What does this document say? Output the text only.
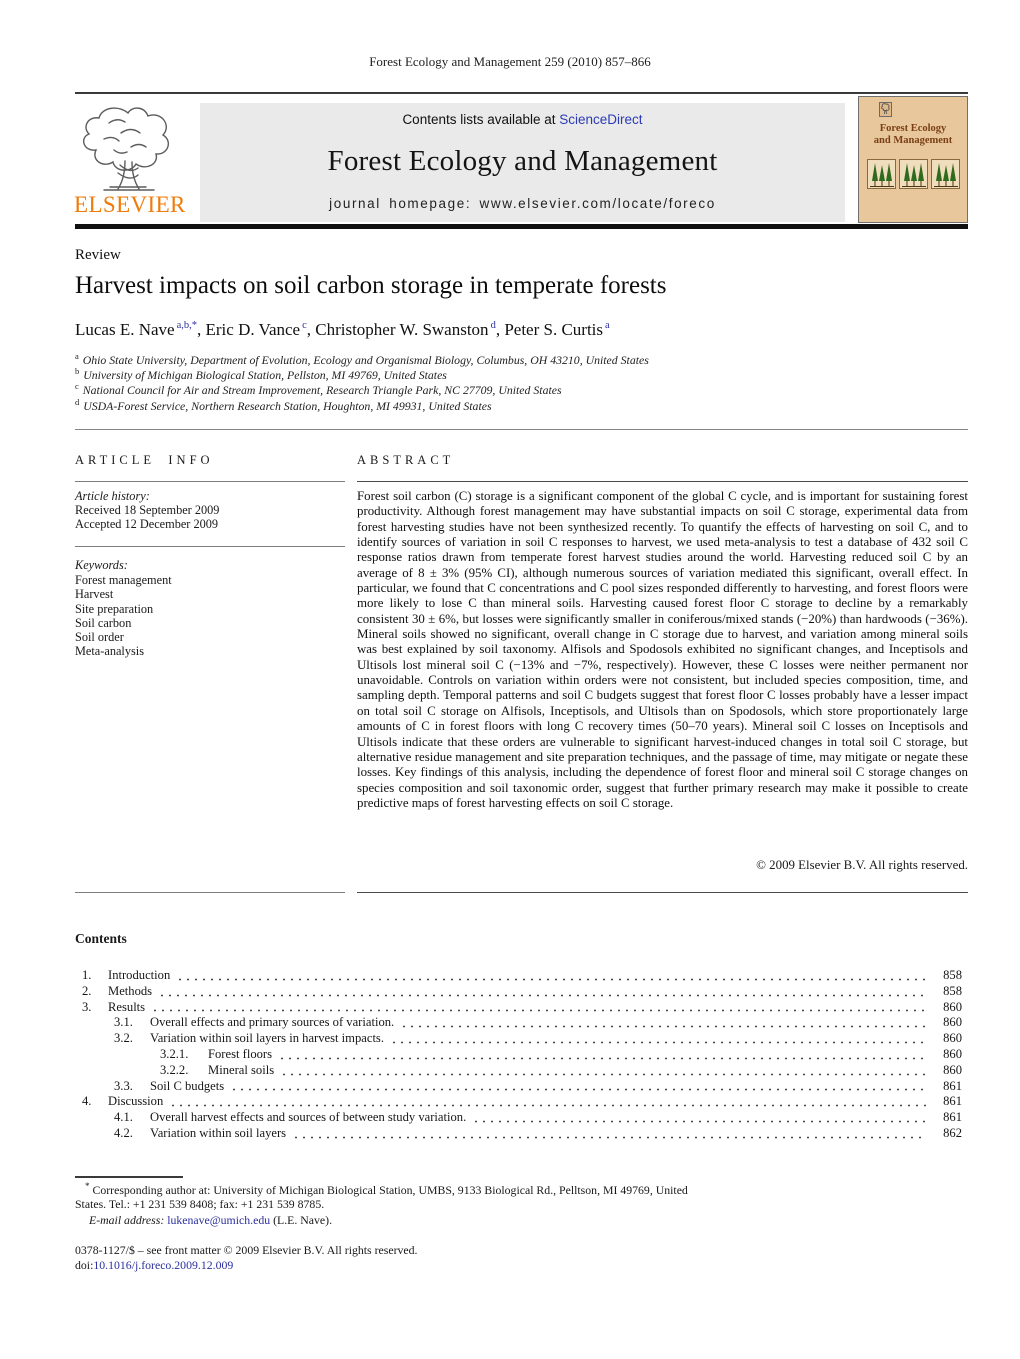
Forest Ecology and Management 259 (2010) 857–866
ELSEVIER
Contents lists available at ScienceDirect
Forest Ecology and Management
journal homepage: www.elsevier.com/locate/foreco
Forest Ecology
and Management
Review
Harvest impacts on soil carbon storage in temperate forests
Lucas E. Nave $^{a,b,*}$ , Eric D. Vance $^c$ , Christopher W. Swanston $^d$ , Peter S. Curtis $^a$
$^a$ Ohio State University, Department of Evolution, Ecology and Organismal Biology, Columbus, OH 43210, United States
$^b$ University of Michigan Biological Station, Pellston, MI 49769, United States
$^c$ National Council for Air and Stream Improvement, Research Triangle Park, NC 27709, United States
$^d$ USDA-Forest Service, Northern Research Station, Houghton, MI 49931, United States
ARTICLE INFO
Article history:
Received 18 September 2009
Accepted 12 December 2009
Keywords:
Forest management
Harvest
Site preparation
Soil carbon
Soil order
Meta-analysis
ABSTRACT

Forest soil carbon (C) storage is a significant component of the global C cycle, and is important for sustaining forest productivity. Although forest management may have substantial impacts on soil C storage, experimental data from forest harvesting studies have not been synthesized recently. To quantify the effects of harvesting on soil C, and to identify sources of variation in soil C responses to harvest, we used meta-analysis to test a database of 432 soil C response ratios drawn from temperate forest harvest studies around the world. Harvesting reduced soil C by an average of 8 ± 3% (95% CI), although numerous sources of variation mediated this significant, overall effect. In particular, we found that C concentrations and C pool sizes responded differently to harvesting, and forest floors were more likely to lose C than mineral soils. Harvesting caused forest floor C storage to decline by a remarkably consistent 30 ± 6%, but losses were significantly smaller in coniferous/mixed stands (−20%) than hardwoods (−36%). Mineral soils showed no significant, overall change in C storage due to harvest, and variation among mineral soils was best explained by soil taxonomy. Alfisols and Spodosols exhibited no significant changes, and Inceptisols and Ultisols lost mineral soil C (−13% and −7%, respectively). However, these C losses were neither permanent nor unavoidable. Controls on variation within orders were not consistent, but included species composition, time, and sampling depth. Temporal patterns and soil C budgets suggest that forest floor C losses probably have a lesser impact on total soil C storage on Alfisols, Inceptisols, and Ultisols than on Spodosols, which store proportionately large amounts of C in forest floors with long C recovery times (50–70 years). Mineral soil C losses on Inceptisols and Ultisols indicate that these orders are vulnerable to significant harvest-induced changes in total soil C storage, but alternative residue management and site preparation techniques, and the passage of time, may mitigate or negate these losses. Key findings of this analysis, including the dependence of forest floor and mineral soil C storage changes on species composition and soil taxonomic order, suggest that further primary research may make it possible to create predictive maps of forest harvesting effects on soil C storage.

© 2009 Elsevier B.V. All rights reserved.
Contents
1.	Introduction	858
2.	Methods	858
3.	Results	860
3.1.	Overall effects and primary sources of variation.	860
3.2.	Variation within soil layers in harvest impacts.	860
3.2.1.	Forest floors	860
3.2.2.	Mineral soils	860
3.3.	Soil C budgets	861
4.	Discussion	861
4.1.	Overall harvest effects and sources of between study variation.	861
4.2.	Variation within soil layers	862

* Corresponding author at: University of Michigan Biological Station, UMBS, 9133 Biological Rd., Pelltson, MI 49769, United States. Tel.: +1 231 539 8408; fax: +1 231 539 8785.

E-mail address: lukenave@umich.edu (L.E. Nave).

0378-1127/$ – see front matter © 2009 Elsevier B.V. All rights reserved.

doi:10.1016/j.foreco.2009.12.009
